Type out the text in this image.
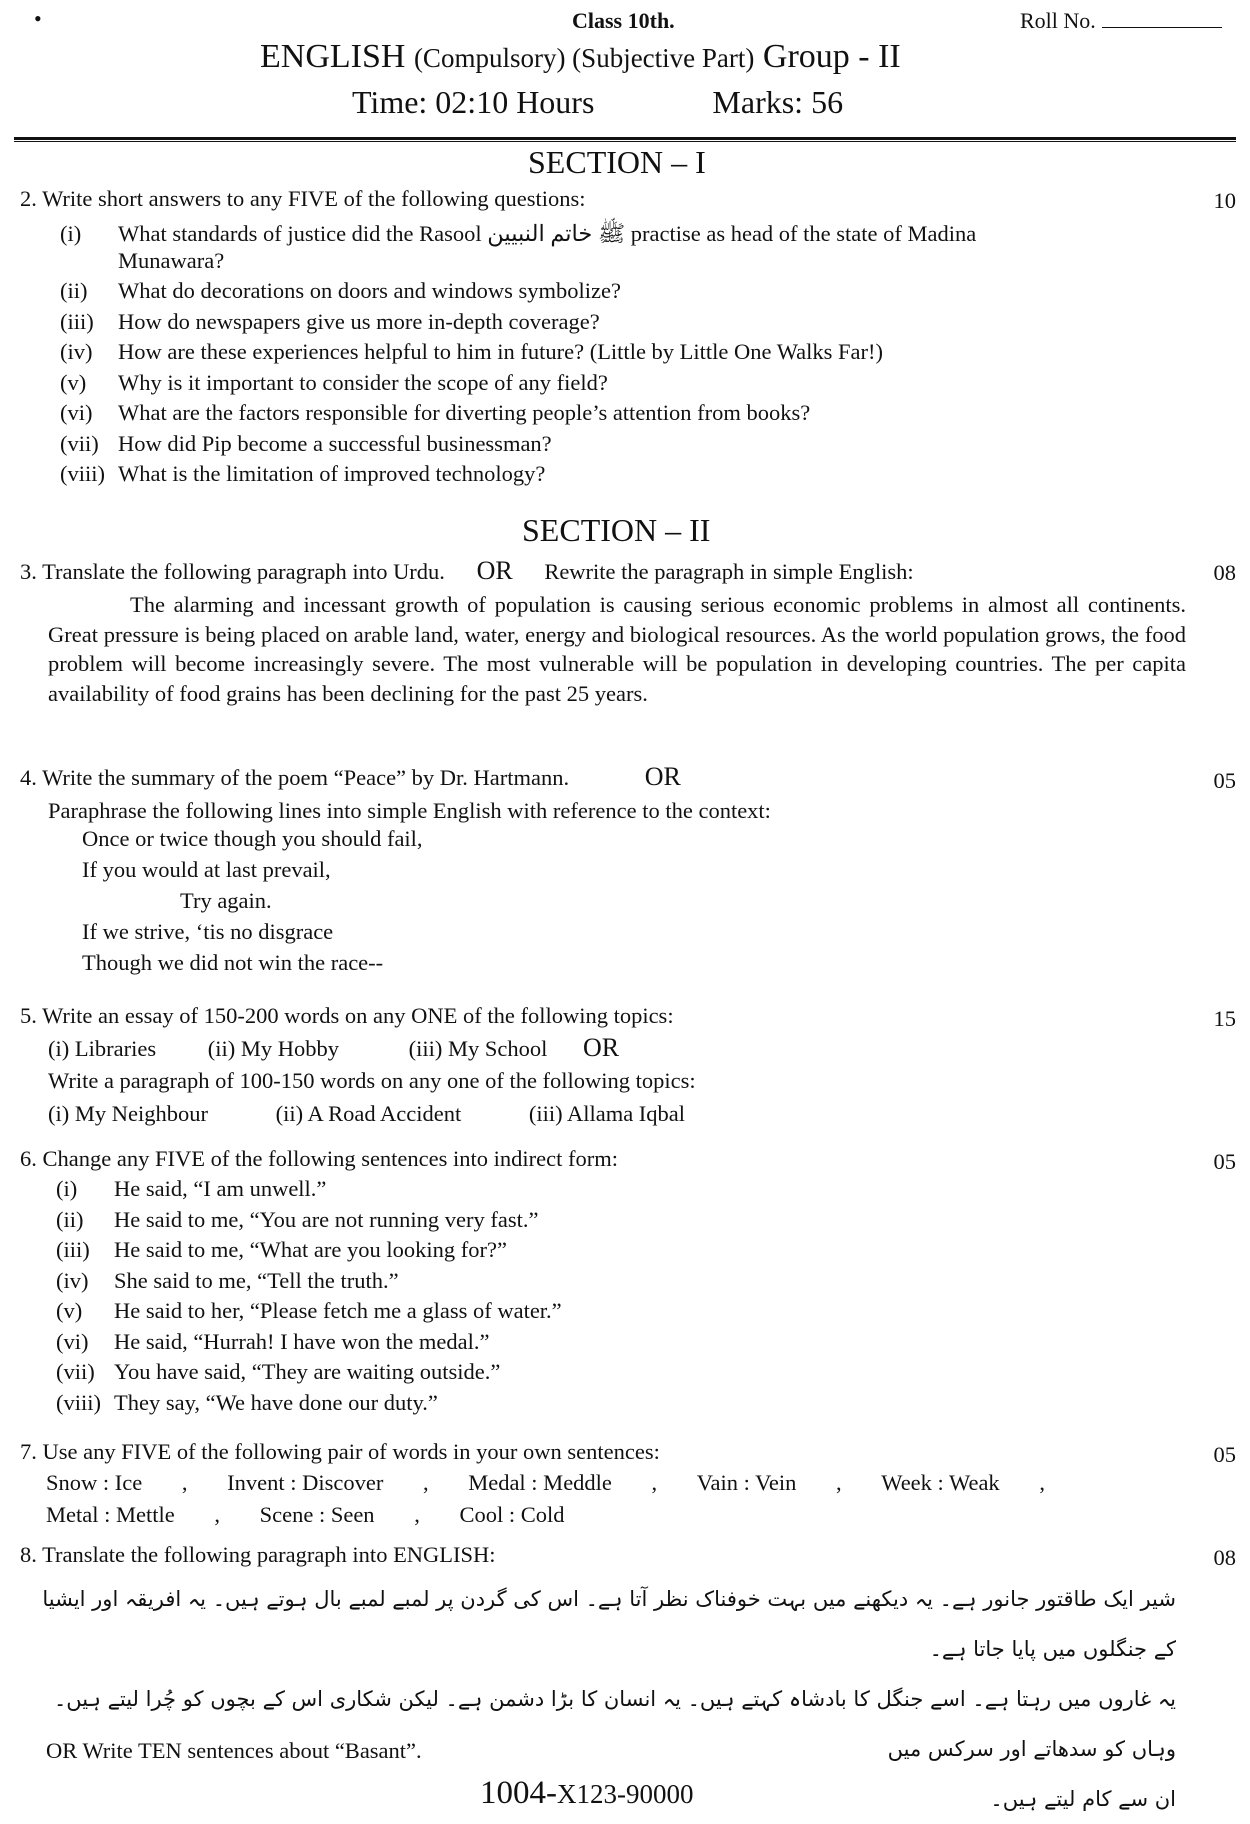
•	Class 10th.	Roll No.
ENGLISH (Compulsory) (Subjective Part) Group - II
Time: 02:10 Hours	Marks: 56
SECTION – I
2. Write short answers to any FIVE of the following questions:	10
(i) What standards of justice did the Rasool ﷺ خاتم النبیین practise as head of the state of Madina
Munawara?
(ii) What do decorations on doors and windows symbolize?
(iii) How do newspapers give us more in-depth coverage?
(iv) How are these experiences helpful to him in future? (Little by Little One Walks Far!)
(v) Why is it important to consider the scope of any field?
(vi) What are the factors responsible for diverting people’s attention from books?
(vii) How did Pip become a successful businessman?
(viii) What is the limitation of improved technology?
SECTION – II
3. Translate the following paragraph into Urdu. OR Rewrite the paragraph in simple English:	08
The alarming and incessant growth of population is causing serious economic problems in almost all continents. Great pressure is being placed on arable land, water, energy and biological resources. As the world population grows, the food problem will become increasingly severe. The most vulnerable will be population in developing countries. The per capita availability of food grains has been declining for the past 25 years.
4. Write the summary of the poem “Peace” by Dr. Hartmann.	OR	05
Paraphrase the following lines into simple English with reference to the context:
Once or twice though you should fail,
If you would at last prevail,
Try again.
If we strive, ‘tis no disgrace
Though we did not win the race--
5. Write an essay of 150-200 words on any ONE of the following topics:	15
(i) Libraries (ii) My Hobby	(iii) My School OR
Write a paragraph of 100-150 words on any one of the following topics:
(i) My Neighbour	(ii) A Road Accident	(iii) Allama Iqbal
6. Change any FIVE of the following sentences into indirect form:	05
(i) He said, “I am unwell.”
(ii) He said to me, “You are not running very fast.”
(iii) He said to me, “What are you looking for?”
(iv) She said to me, “Tell the truth.”
(v) He said to her, “Please fetch me a glass of water.”
(vi) He said, “Hurrah! I have won the medal.”
(vii) You have said, “They are waiting outside.”
(viii) They say, “We have done our duty.”
7. Use any FIVE of the following pair of words in your own sentences:	05
Snow : Ice , Invent : Discover , Medal : Meddle , Vain : Vein , Week : Weak ,
Metal : Mettle , Scene : Seen , Cool : Cold
8. Translate the following paragraph into ENGLISH:	08
شیر ایک طاقتور جانور ہے۔ یہ دیکھنے میں بہت خوفناک نظر آتا ہے۔ اس کی گردن پر لمبے لمبے بال ہوتے ہیں۔ یہ افریقہ اور ایشیا کے جنگلوں میں پایا جاتا ہے۔
یہ غاروں میں رہتا ہے۔ اسے جنگل کا بادشاہ کہتے ہیں۔ یہ انسان کا بڑا دشمن ہے۔ لیکن شکاری اس کے بچوں کو چُرا لیتے ہیں۔ وہاں کو سدھاتے اور سرکس میں
ان سے کام لیتے ہیں۔
OR Write TEN sentences about “Basant”.
1004-X123-90000
